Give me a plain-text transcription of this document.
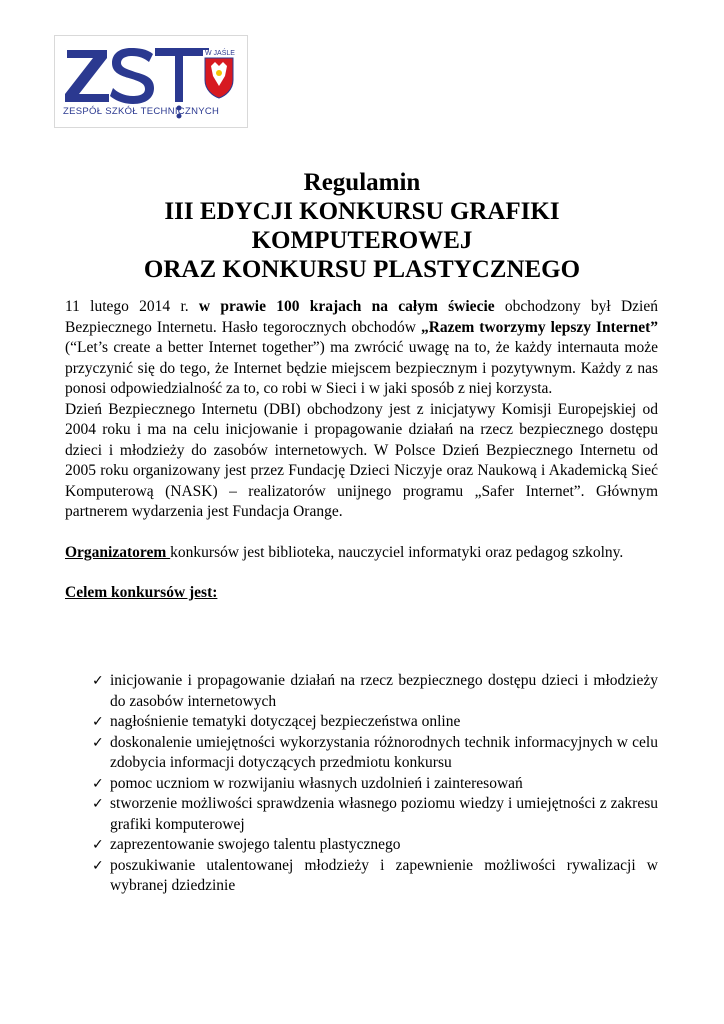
W JAŚLE
ZESPÓŁ SZKÓŁ TECHNICZNYCH
Regulamin
III EDYCJI KONKURSU GRAFIKI
KOMPUTEROWEJ
ORAZ KONKURSU PLASTYCZNEGO

11 lutego 2014 r. w prawie 100 krajach na całym świecie obchodzony był Dzień Bezpiecznego Internetu. Hasło tegorocznych obchodów „Razem tworzymy lepszy Internet” (“Let’s create a better Internet together”) ma zwrócić uwagę na to, że każdy internauta może przyczynić się do tego, że Internet będzie miejscem bezpiecznym i pozytywnym. Każdy z nas ponosi odpowiedzialność za to, co robi w Sieci i w jaki sposób z niej korzysta.

Dzień Bezpiecznego Internetu (DBI) obchodzony jest z inicjatywy Komisji Europejskiej od 2004 roku i ma na celu inicjowanie i propagowanie działań na rzecz bezpiecznego dostępu dzieci i młodzieży do zasobów internetowych. W Polsce Dzień Bezpiecznego Internetu od 2005 roku organizowany jest przez Fundację Dzieci Niczyje oraz Naukową i Akademicką Sieć Komputerową (NASK) – realizatorów unijnego programu „Safer Internet”. Głównym partnerem wydarzenia jest Fundacja Orange.

Organizatorem konkursów jest biblioteka, nauczyciel informatyki oraz pedagog szkolny.

Celem konkursów jest:

✓ inicjowanie i propagowanie działań na rzecz bezpiecznego dostępu dzieci i młodzieży do zasobów internetowych
✓ nagłośnienie tematyki dotyczącej bezpieczeństwa online
✓ doskonalenie umiejętności wykorzystania różnorodnych technik informacyjnych w celu zdobycia informacji dotyczących przedmiotu konkursu
✓ pomoc uczniom w rozwijaniu własnych uzdolnień i zainteresowań
✓ stworzenie możliwości sprawdzenia własnego poziomu wiedzy i umiejętności z zakresu grafiki komputerowej
✓ zaprezentowanie swojego talentu plastycznego
✓ poszukiwanie utalentowanej młodzieży i zapewnienie możliwości rywalizacji w wybranej dziedzinie
